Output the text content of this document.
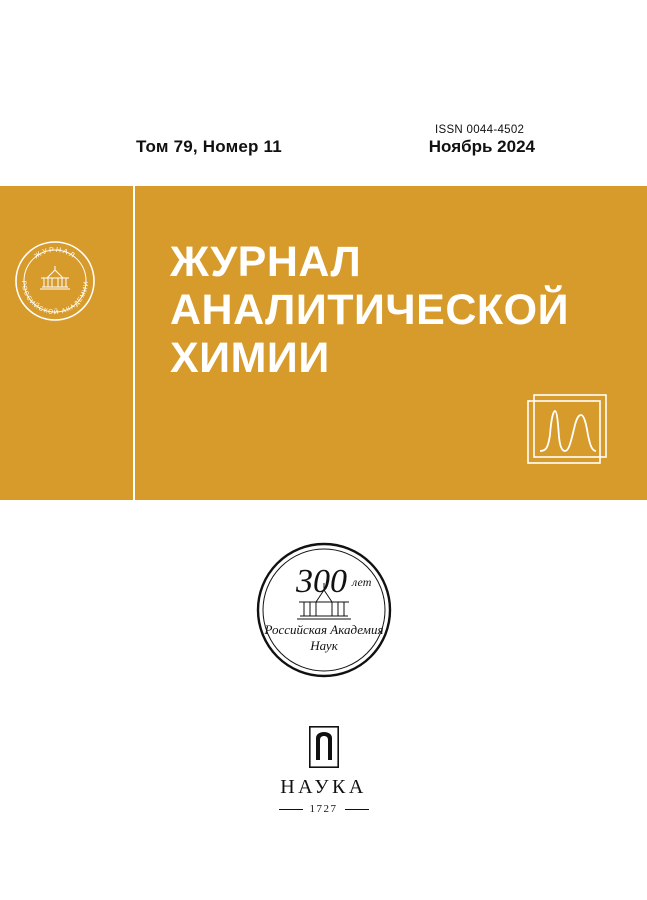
Том 79, Номер 11
ISSN 0044-4502
Ноябрь 2024
ЖУРНАЛ
РОССИЙСКОЙ АКАДЕМИИ ЖУРНАЛ
АНАЛИТИЧЕСКОЙ
ХИМИИ
300 лет
Российская Академия
Наук
НАУКА
1727
